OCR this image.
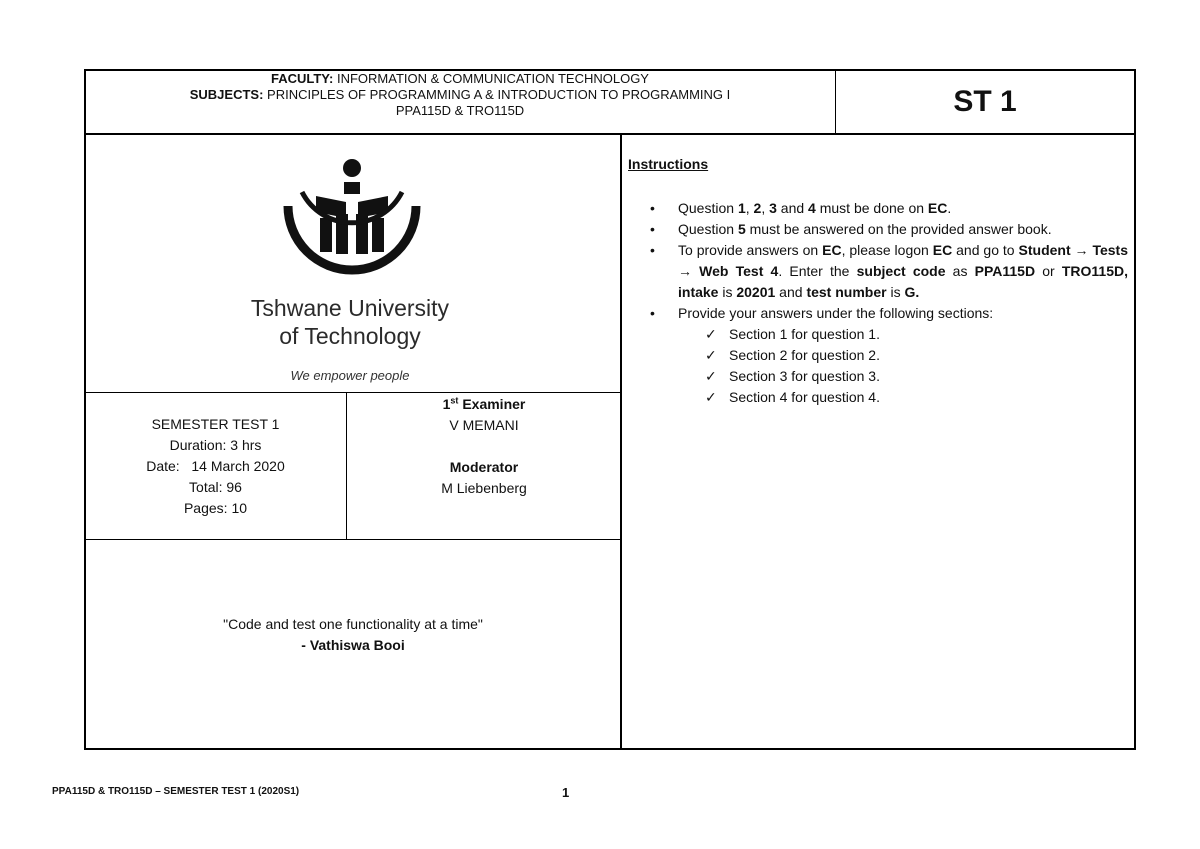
FACULTY: INFORMATION & COMMUNICATION TECHNOLOGY
SUBJECTS: PRINCIPLES OF PROGRAMMING A & INTRODUCTION TO PROGRAMMING I
PPA115D & TRO115D	ST 1
Tshwane University
of Technology
We empower people
SEMESTER TEST 1
Duration: 3 hrs
Date:   14 March 2020
Total: 96
Pages: 10
1st Examiner
V MEMANI
Moderator
M Liebenberg
"Code and test one functionality at a time"
- Vathiswa Booi
Instructions
• Question 1, 2, 3 and 4 must be done on EC.
• Question 5 must be answered on the provided answer book.
• To provide answers on EC, please logon EC and go to Student → Tests → Web Test 4. Enter the subject code as PPA115D or TRO115D, intake is 20201 and test number is G.
• Provide your answers under the following sections:
✓ Section 1 for question 1.
✓ Section 2 for question 2.
✓ Section 3 for question 3.
✓ Section 4 for question 4.
PPA115D & TRO115D – SEMESTER TEST 1 (2020S1)	1
